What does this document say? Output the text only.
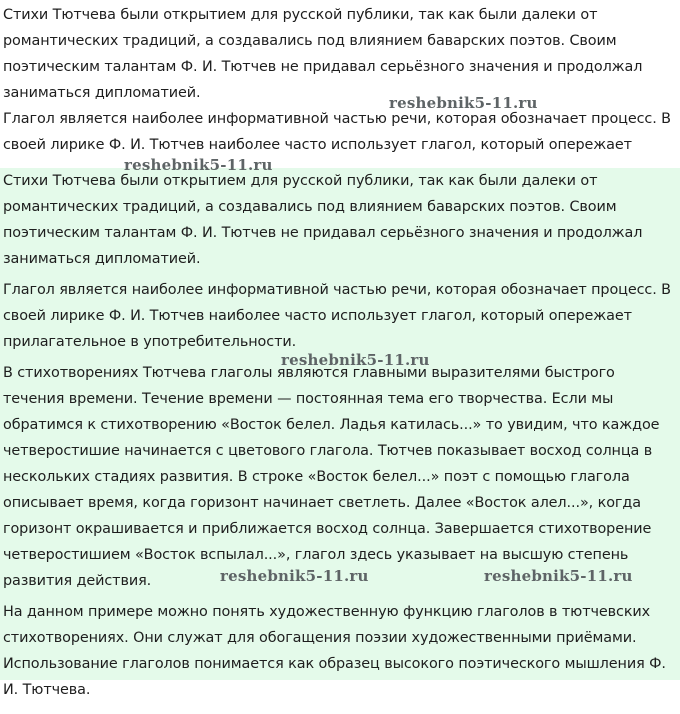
Стихи Тютчева были открытием для русской публики, так как были далеки от романтических традиций, а создавались под влиянием баварских поэтов. Своим поэтическим талантам Ф. И. Тютчев не придавал серьёзного значения и продолжал заниматься дипломатией.

Глагол является наиболее информативной частью речи, которая обозначает процесс. В своей лирике Ф. И. Тютчев наиболее часто использует глагол, который опережает

Стихи Тютчева были открытием для русской публики, так как были далеки от романтических традиций, а создавались под влиянием баварских поэтов. Своим поэтическим талантам Ф. И. Тютчев не придавал серьёзного значения и продолжал заниматься дипломатией.

Глагол является наиболее информативной частью речи, которая обозначает процесс. В своей лирике Ф. И. Тютчев наиболее часто использует глагол, который опережает прилагательное в употребительности.

В стихотворениях Тютчева глаголы являются главными выразителями быстрого течения времени. Течение времени — постоянная тема его творчества. Если мы обратимся к стихотворению «Восток белел. Ладья катилась...» то увидим, что каждое четверостишие начинается с цветового глагола. Тютчев показывает восход солнца в нескольких стадиях развития. В строке «Восток белел...» поэт с помощью глагола описывает время, когда горизонт начинает светлеть. Далее «Восток алел...», когда горизонт окрашивается и приближается восход солнца. Завершается стихотворение четверостишием «Восток вспылал...», глагол здесь указывает на высшую степень развития действия.

На данном примере можно понять художественную функцию глаголов в тютчевских стихотворениях. Они служат для обогащения поэзии художественными приёмами. Использование глаголов понимается как образец высокого поэтического мышления Ф. И. Тютчева.

reshebnik5-11.ru
reshebnik5-11.ru
reshebnik5-11.ru
reshebnik5-11.ru	reshebnik5-11.ru
